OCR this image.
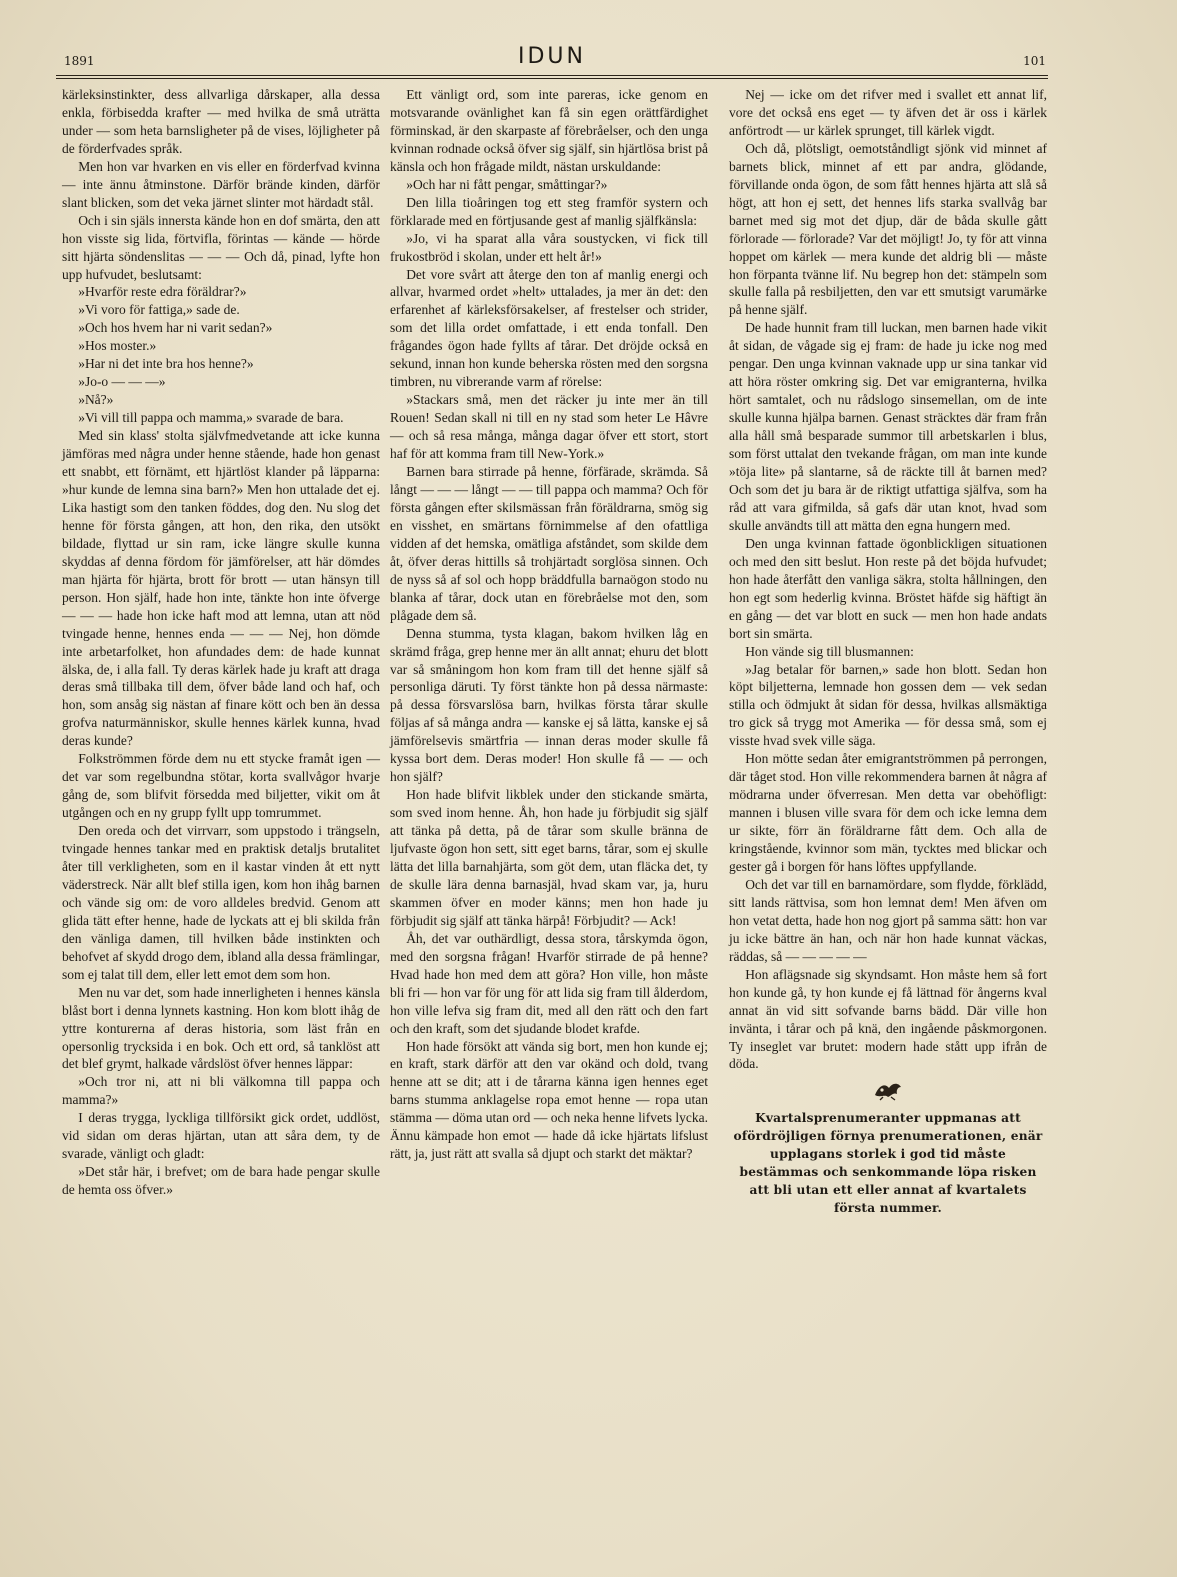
1891	IDUN	101

kärleksinstinkter, dess allvarliga dårskaper, alla dessa enkla, förbisedda krafter — med hvilka de små uträtta under — som heta barnsligheter på de vises, löjligheter på de förderfvades språk.

Men hon var hvarken en vis eller en förderfvad kvinna — inte ännu åtminstone. Därför brände kinden, därför slant blicken, som det veka järnet slinter mot härdadt stål.

Och i sin själs innersta kände hon en dof smärta, den att hon visste sig lida, förtvifla, förintas — kände — hörde sitt hjärta söndenslitas — — — Och då, pinad, lyfte hon upp hufvudet, beslutsamt:

»Hvarför reste edra föräldrar?»

»Vi voro för fattiga,» sade de.

»Och hos hvem har ni varit sedan?»

»Hos moster.»

»Har ni det inte bra hos henne?»

»Jo-o — — —»

»Nå?»

»Vi vill till pappa och mamma,» svarade de bara.

Med sin klass' stolta självfmedvetande att icke kunna jämföras med några under henne stående, hade hon genast ett snabbt, ett förnämt, ett hjärtlöst klander på läpparna: »hur kunde de lemna sina barn?» Men hon uttalade det ej. Lika hastigt som den tanken föddes, dog den. Nu slog det henne för första gången, att hon, den rika, den utsökt bildade, flyttad ur sin ram, icke längre skulle kunna skyddas af denna fördom för jämförelser, att här dömdes man hjärta för hjärta, brott för brott — utan hänsyn till person. Hon själf, hade hon inte, tänkte hon inte öfverge — — — hade hon icke haft mod att lemna, utan att nöd tvingade henne, hennes enda — — — Nej, hon dömde inte arbetarfolket, hon afundades dem: de hade kunnat älska, de, i alla fall. Ty deras kärlek hade ju kraft att draga deras små tillbaka till dem, öfver både land och haf, och hon, som ansåg sig nästan af finare kött och ben än dessa grofva naturmänniskor, skulle hennes kärlek kunna, hvad deras kunde?

Folkströmmen förde dem nu ett stycke framåt igen — det var som regelbundna stötar, korta svallvågor hvarje gång de, som blifvit försedda med biljetter, vikit om åt utgången och en ny grupp fyllt upp tomrummet.

Den oreda och det virrvarr, som uppstodo i trängseln, tvingade hennes tankar med en praktisk detaljs brutalitet åter till verkligheten, som en il kastar vinden åt ett nytt väderstreck. När allt blef stilla igen, kom hon ihåg barnen och vände sig om: de voro alldeles bredvid. Genom att glida tätt efter henne, hade de lyckats att ej bli skilda från den vänliga damen, till hvilken både instinkten och behofvet af skydd drogo dem, ibland alla dessa främlingar, som ej talat till dem, eller lett emot dem som hon.

Men nu var det, som hade innerligheten i hennes känsla blåst bort i denna lynnets kastning. Hon kom blott ihåg de yttre konturerna af deras historia, som läst från en opersonlig trycksida i en bok. Och ett ord, så tanklöst att det blef grymt, halkade vårdslöst öfver hennes läppar:

»Och tror ni, att ni bli välkomna till pappa och mamma?»

I deras trygga, lyckliga tillförsikt gick ordet, uddlöst, vid sidan om deras hjärtan, utan att såra dem, ty de svarade, vänligt och gladt:

»Det står här, i brefvet; om de bara hade pengar skulle de hemta oss öfver.»

Ett vänligt ord, som inte pareras, icke genom en motsvarande ovänlighet kan få sin egen orättfärdighet förminskad, är den skarpaste af förebråelser, och den unga kvinnan rodnade också öfver sig själf, sin hjärtlösa brist på känsla och hon frågade mildt, nästan urskuldande:

»Och har ni fått pengar, småttingar?»

Den lilla tioåringen tog ett steg framför systern och förklarade med en förtjusande gest af manlig själfkänsla:

»Jo, vi ha sparat alla våra soustycken, vi fick till frukostbröd i skolan, under ett helt år!»

Det vore svårt att återge den ton af manlig energi och allvar, hvarmed ordet »helt» uttalades, ja mer än det: den erfarenhet af kärleksförsakelser, af frestelser och strider, som det lilla ordet omfattade, i ett enda tonfall. Den frågandes ögon hade fyllts af tårar. Det dröjde också en sekund, innan hon kunde beherska rösten med den sorgsna timbren, nu vibrerande varm af rörelse:

»Stackars små, men det räcker ju inte mer än till Rouen! Sedan skall ni till en ny stad som heter Le Hâvre — och så resa många, många dagar öfver ett stort, stort haf för att komma fram till New-York.»

Barnen bara stirrade på henne, förfärade, skrämda. Så långt — — — långt — — till pappa och mamma? Och för första gången efter skilsmässan från föräldrarna, smög sig en visshet, en smärtans förnimmelse af den ofattliga vidden af det hemska, omätliga afståndet, som skilde dem åt, öfver deras hittills så trohjärtadt sorglösa sinnen. Och de nyss så af sol och hopp bräddfulla barnaögon stodo nu blanka af tårar, dock utan en förebråelse mot den, som plågade dem så.

Denna stumma, tysta klagan, bakom hvilken låg en skrämd fråga, grep henne mer än allt annat; ehuru det blott var så småningom hon kom fram till det henne själf så personliga däruti. Ty först tänkte hon på dessa närmaste: på dessa försvarslösa barn, hvilkas första tårar skulle följas af så många andra — kanske ej så lätta, kanske ej så jämförelsevis smärtfria — innan deras moder skulle få kyssa bort dem. Deras moder! Hon skulle få — — och hon själf?

Hon hade blifvit likblek under den stickande smärta, som sved inom henne. Åh, hon hade ju förbjudit sig själf att tänka på detta, på de tårar som skulle bränna de ljufvaste ögon hon sett, sitt eget barns, tårar, som ej skulle lätta det lilla barnahjärta, som göt dem, utan fläcka det, ty de skulle lära denna barnasjäl, hvad skam var, ja, huru skammen öfver en moder känns; men hon hade ju förbjudit sig själf att tänka härpå! Förbjudit? — Ack!

Åh, det var outhärdligt, dessa stora, tårskymda ögon, med den sorgsna frågan! Hvarför stirrade de på henne? Hvad hade hon med dem att göra? Hon ville, hon måste bli fri — hon var för ung för att lida sig fram till ålderdom, hon ville lefva sig fram dit, med all den rätt och den fart och den kraft, som det sjudande blodet krafde.

Hon hade försökt att vända sig bort, men hon kunde ej; en kraft, stark därför att den var okänd och dold, tvang henne att se dit; att i de tårarna känna igen hennes eget barns stumma anklagelse ropa emot henne — ropa utan stämma — döma utan ord — och neka henne lifvets lycka. Ännu kämpade hon emot — hade då icke hjärtats lifslust rätt, ja, just rätt att svalla så djupt och starkt det mäktar?

Nej — icke om det rifver med i svallet ett annat lif, vore det också ens eget — ty äfven det är oss i kärlek anförtrodt — ur kärlek sprunget, till kärlek vigdt.

Och då, plötsligt, oemotståndligt sjönk vid minnet af barnets blick, minnet af ett par andra, glödande, förvillande onda ögon, de som fått hennes hjärta att slå så högt, att hon ej sett, det hennes lifs starka svallvåg bar barnet med sig mot det djup, där de båda skulle gått förlorade — förlorade? Var det möjligt! Jo, ty för att vinna hoppet om kärlek — mera kunde det aldrig bli — måste hon förpanta tvänne lif. Nu begrep hon det: stämpeln som skulle falla på resbiljetten, den var ett smutsigt varumärke på henne själf.

De hade hunnit fram till luckan, men barnen hade vikit åt sidan, de vågade sig ej fram: de hade ju icke nog med pengar. Den unga kvinnan vaknade upp ur sina tankar vid att höra röster omkring sig. Det var emigranterna, hvilka hört samtalet, och nu rådslogo sinsemellan, om de inte skulle kunna hjälpa barnen. Genast sträcktes där fram från alla håll små besparade summor till arbetskarlen i blus, som först uttalat den tvekande frågan, om man inte kunde »töja lite» på slantarne, så de räckte till åt barnen med? Och som det ju bara är de riktigt utfattiga själfva, som ha råd att vara gifmilda, så gafs där utan knot, hvad som skulle användts till att mätta den egna hungern med.

Den unga kvinnan fattade ögonblickligen situationen och med den sitt beslut. Hon reste på det böjda hufvudet; hon hade återfått den vanliga säkra, stolta hållningen, den hon egt som hederlig kvinna. Bröstet häfde sig häftigt än en gång — det var blott en suck — men hon hade andats bort sin smärta.

Hon vände sig till blusmannen:

»Jag betalar för barnen,» sade hon blott. Sedan hon köpt biljetterna, lemnade hon gossen dem — vek sedan stilla och ödmjukt åt sidan för dessa, hvilkas allsmäktiga tro gick så trygg mot Amerika — för dessa små, som ej visste hvad svek ville säga.

Hon mötte sedan åter emigrantströmmen på perrongen, där tåget stod. Hon ville rekommendera barnen åt några af mödrarna under öfverresan. Men detta var obehöfligt: mannen i blusen ville svara för dem och icke lemna dem ur sikte, förr än föräldrarne fått dem. Och alla de kringstående, kvinnor som män, tycktes med blickar och gester gå i borgen för hans löftes uppfyllande.

Och det var till en barnamördare, som flydde, förklädd, sitt lands rättvisa, som hon lemnat dem! Men äfven om hon vetat detta, hade hon nog gjort på samma sätt: hon var ju icke bättre än han, och när hon hade kunnat väckas, räddas, så — — — — —

Hon aflägsnade sig skyndsamt. Hon måste hem så fort hon kunde gå, ty hon kunde ej få lättnad för ångerns kval annat än vid sitt sofvande barns bädd. Där ville hon invänta, i tårar och på knä, den ingående påskmorgonen. Ty inseglet var brutet: modern hade stått upp ifrån de döda.

Kvartalsprenumeranter uppmanas att ofördröjligen förnya prenumerationen, enär upplagans storlek i god tid måste bestämmas och senkommande löpa risken att bli utan ett eller annat af kvartalets första nummer.
